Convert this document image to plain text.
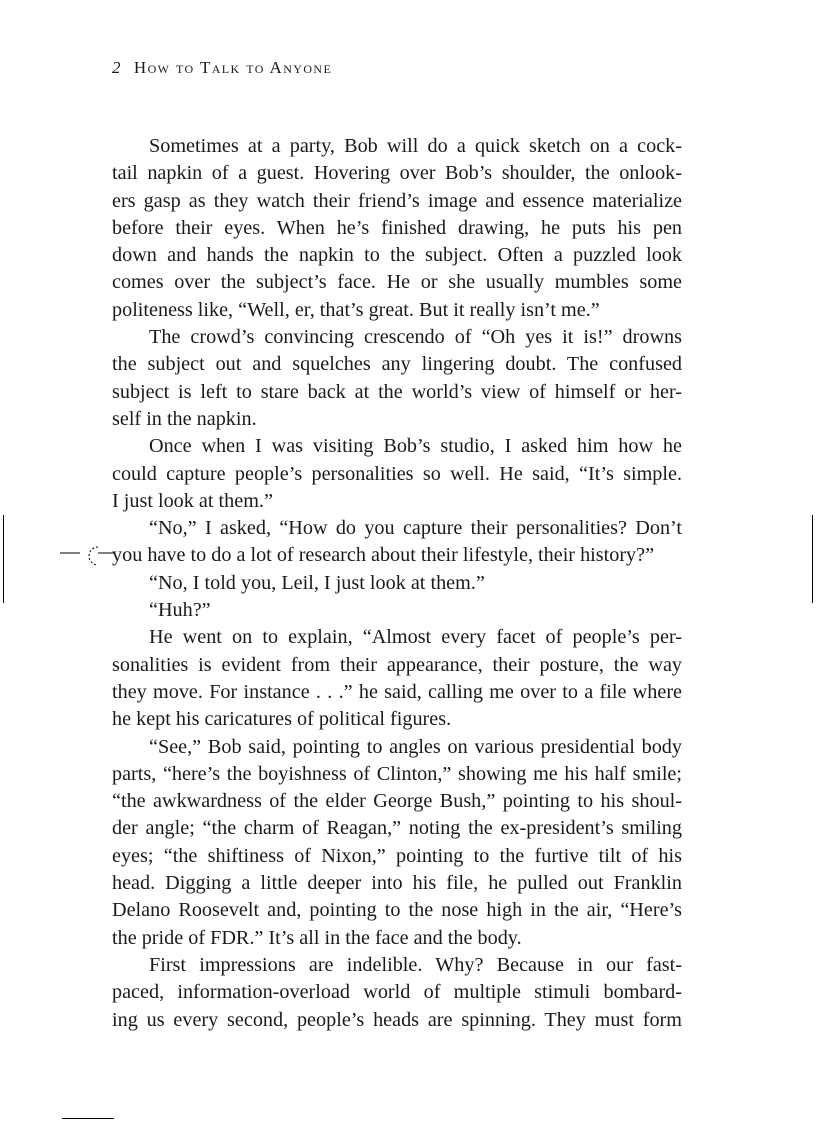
2 How to Talk to Anyone
Sometimes at a party, Bob will do a quick sketch on a cock-
tail napkin of a guest. Hovering over Bob’s shoulder, the onlook-
ers gasp as they watch their friend’s image and essence materialize
before their eyes. When he’s finished drawing, he puts his pen
down and hands the napkin to the subject. Often a puzzled look
comes over the subject’s face. He or she usually mumbles some
politeness like, “Well, er, that’s great. But it really isn’t me.”
The crowd’s convincing crescendo of “Oh yes it is!” drowns
the subject out and squelches any lingering doubt. The confused
subject is left to stare back at the world’s view of himself or her-
self in the napkin.
Once when I was visiting Bob’s studio, I asked him how he
could capture people’s personalities so well. He said, “It’s simple.
I just look at them.”
“No,” I asked, “How do you capture their personalities? Don’t
you have to do a lot of research about their lifestyle, their history?”
“No, I told you, Leil, I just look at them.”
“Huh?”
He went on to explain, “Almost every facet of people’s per-
sonalities is evident from their appearance, their posture, the way
they move. For instance . . .” he said, calling me over to a file where
he kept his caricatures of political figures.
“See,” Bob said, pointing to angles on various presidential body
parts, “here’s the boyishness of Clinton,” showing me his half smile;
“the awkwardness of the elder George Bush,” pointing to his shoul-
der angle; “the charm of Reagan,” noting the ex-president’s smiling
eyes; “the shiftiness of Nixon,” pointing to the furtive tilt of his
head. Digging a little deeper into his file, he pulled out Franklin
Delano Roosevelt and, pointing to the nose high in the air, “Here’s
the pride of FDR.” It’s all in the face and the body.
First impressions are indelible. Why? Because in our fast-
paced, information-overload world of multiple stimuli bombard-
ing us every second, people’s heads are spinning. They must form
